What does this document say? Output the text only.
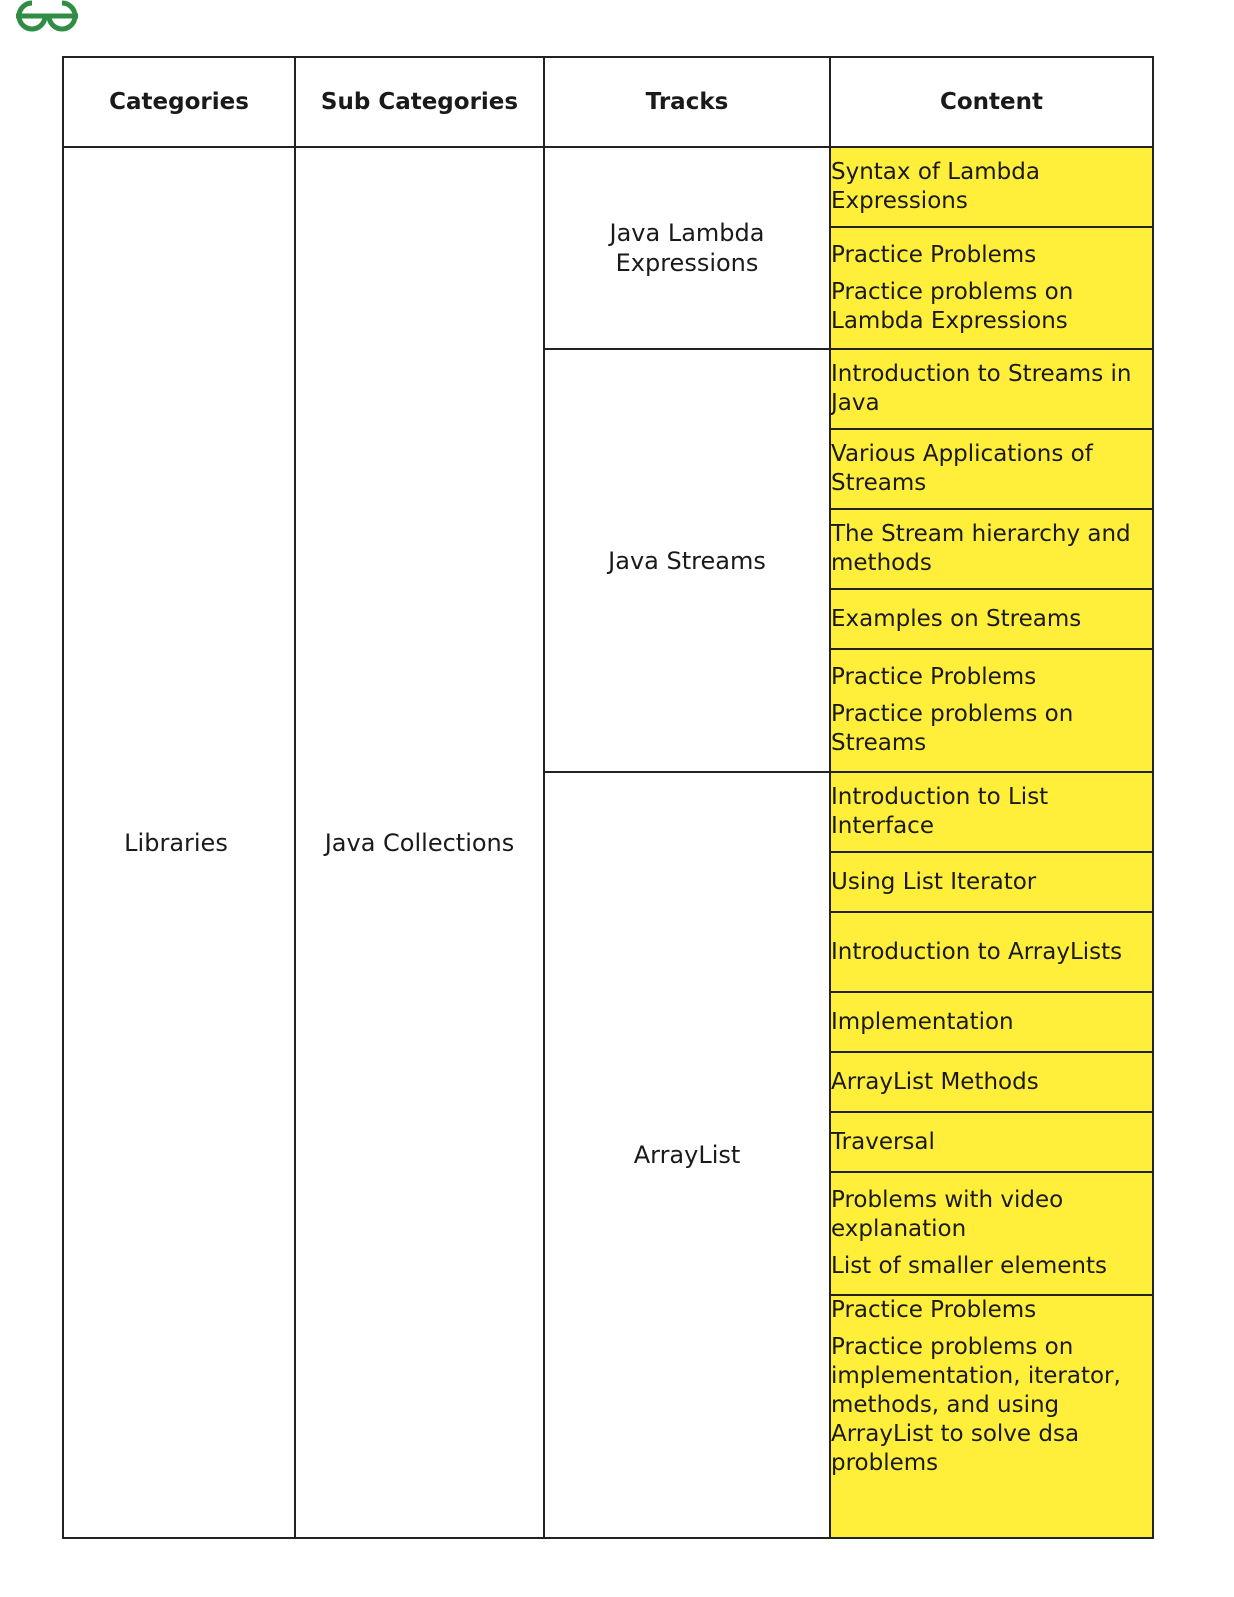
Categories	Sub Categories	Tracks	Content

Libraries	Java Collections	Java Lambda Expressions	Syntax of Lambda Expressions

			Practice Problems
Practice problems on Lambda Expressions

		Java Streams	Introduction to Streams in Java

			Various Applications of Streams

			The Stream hierarchy and methods

			Examples on Streams

			Practice Problems
Practice problems on Streams

		ArrayList	Introduction to List Interface

			Using List Iterator

			Introduction to ArrayLists

			Implementation

			ArrayList Methods

			Traversal

			Problems with video explanation
List of smaller elements

			Practice Problems
Practice problems on implementation, iterator, methods, and using ArrayList to solve dsa problems
